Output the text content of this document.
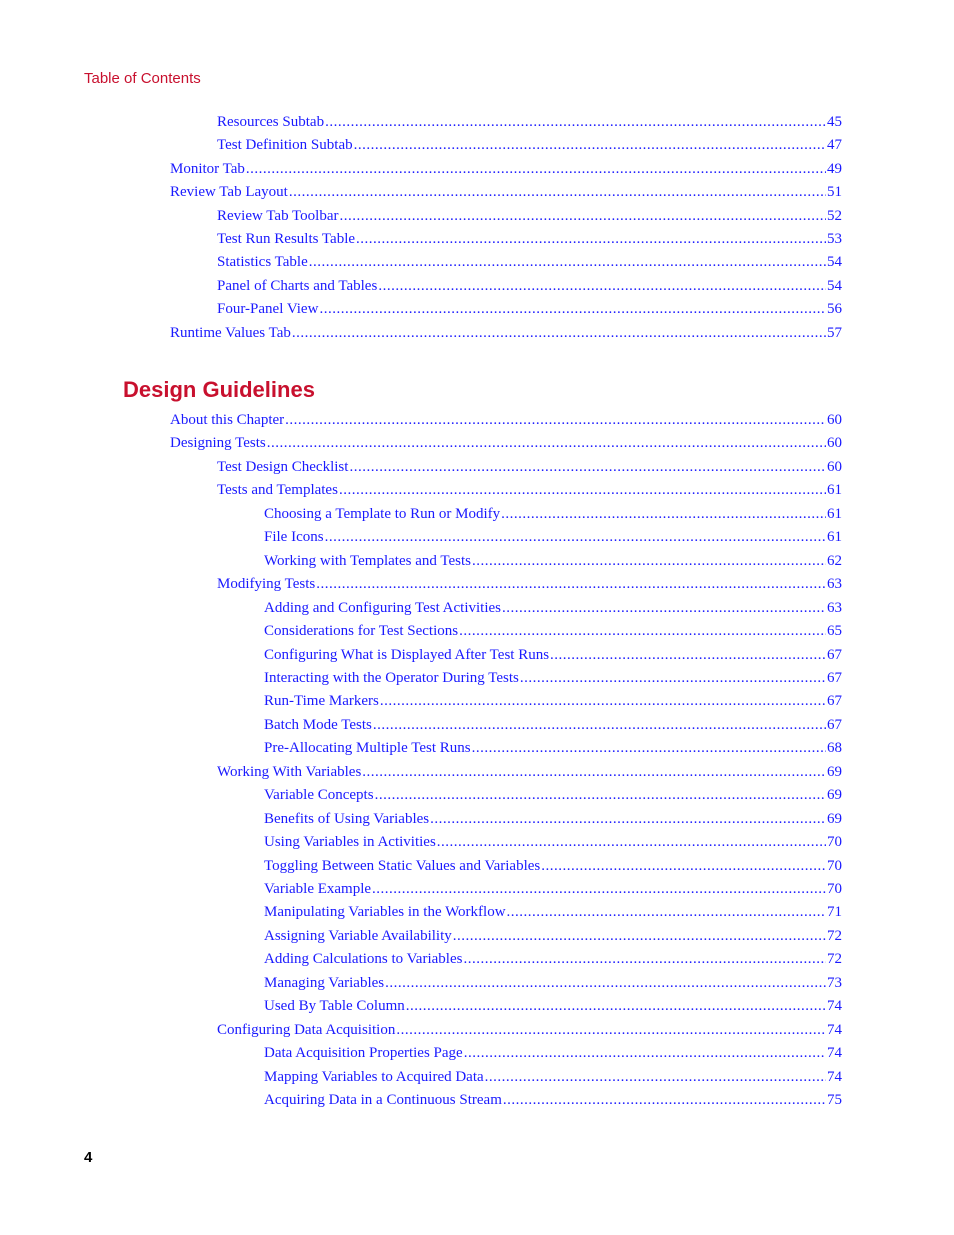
Table of Contents
Resources Subtab .....	45
Test Definition Subtab .....	47
Monitor Tab .....	49
Review Tab Layout .....	51
Review Tab Toolbar .....	52
Test Run Results Table .....	53
Statistics Table .....	54
Panel of Charts and Tables .....	54
Four-Panel View .....	56
Runtime Values Tab .....	57
Design Guidelines
About this Chapter .....	60
Designing Tests .....	60
Test Design Checklist .....	60
Tests and Templates .....	61
Choosing a Template to Run or Modify .....	61
File Icons .....	61
Working with Templates and Tests .....	62
Modifying Tests .....	63
Adding and Configuring Test Activities .....	63
Considerations for Test Sections .....	65
Configuring What is Displayed After Test Runs .....	67
Interacting with the Operator During Tests .....	67
Run-Time Markers .....	67
Batch Mode Tests .....	67
Pre-Allocating Multiple Test Runs .....	68
Working With Variables .....	69
Variable Concepts .....	69
Benefits of Using Variables .....	69
Using Variables in Activities .....	70
Toggling Between Static Values and Variables .....	70
Variable Example .....	70
Manipulating Variables in the Workflow .....	71
Assigning Variable Availability .....	72
Adding Calculations to Variables .....	72
Managing Variables .....	73
Used By Table Column .....	74
Configuring Data Acquisition .....	74
Data Acquisition Properties Page .....	74
Mapping Variables to Acquired Data .....	74
Acquiring Data in a Continuous Stream .....	75
4
